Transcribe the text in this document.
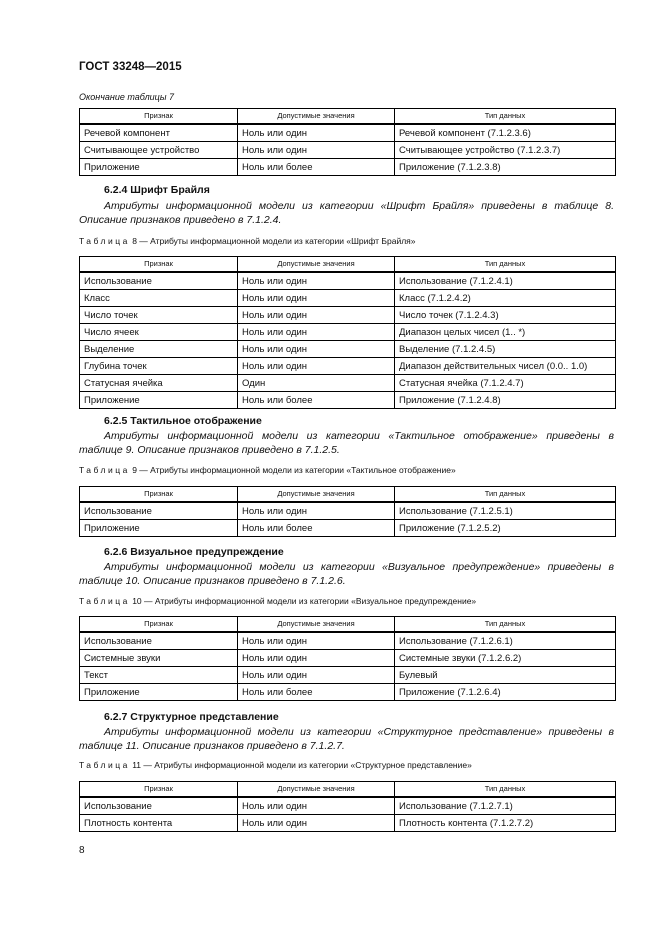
ГОСТ 33248—2015
Окончание таблицы 7
Признак	Допустимые значения	Тип данных
Речевой компонент	Ноль или один	Речевой компонент (7.1.2.3.6)
Считывающее устройство	Ноль или один	Считывающее устройство (7.1.2.3.7)
Приложение	Ноль или более	Приложение (7.1.2.3.8)
6.2.4 Шрифт Брайля

Атрибуты информационной модели из категории «Шрифт Брайля» приведены в таблице 8. Описание признаков приведено в 7.1.2.4.

Таблица 8 — Атрибуты информационной модели из категории «Шрифт Брайля»
Признак	Допустимые значения	Тип данных
Использование	Ноль или один	Использование (7.1.2.4.1)
Класс	Ноль или один	Класс (7.1.2.4.2)
Число точек	Ноль или один	Число точек (7.1.2.4.3)
Число ячеек	Ноль или один	Диапазон целых чисел (1.. *)
Выделение	Ноль или один	Выделение (7.1.2.4.5)
Глубина точек	Ноль или один	Диапазон действительных чисел (0.0.. 1.0)
Статусная ячейка	Один	Статусная ячейка (7.1.2.4.7)
Приложение	Ноль или более	Приложение (7.1.2.4.8)
6.2.5 Тактильное отображение

Атрибуты информационной модели из категории «Тактильное отображение» приведены в таблице 9. Описание признаков приведено в 7.1.2.5.

Таблица 9 — Атрибуты информационной модели из категории «Тактильное отображение»
Признак	Допустимые значения	Тип данных
Использование	Ноль или один	Использование (7.1.2.5.1)
Приложение	Ноль или более	Приложение (7.1.2.5.2)
6.2.6 Визуальное предупреждение

Атрибуты информационной модели из категории «Визуальное предупреждение» приведены в таблице 10. Описание признаков приведено в 7.1.2.6.

Таблица 10 — Атрибуты информационной модели из категории «Визуальное предупреждение»
Признак	Допустимые значения	Тип данных
Использование	Ноль или один	Использование (7.1.2.6.1)
Системные звуки	Ноль или один	Системные звуки (7.1.2.6.2)
Текст	Ноль или один	Булевый
Приложение	Ноль или более	Приложение (7.1.2.6.4)
6.2.7 Структурное представление

Атрибуты информационной модели из категории «Структурное представление» приведены в таблице 11. Описание признаков приведено в 7.1.2.7.

Таблица 11 — Атрибуты информационной модели из категории «Структурное представление»
Признак	Допустимые значения	Тип данных
Использование	Ноль или один	Использование (7.1.2.7.1)
Плотность контента	Ноль или один	Плотность контента (7.1.2.7.2)
8
